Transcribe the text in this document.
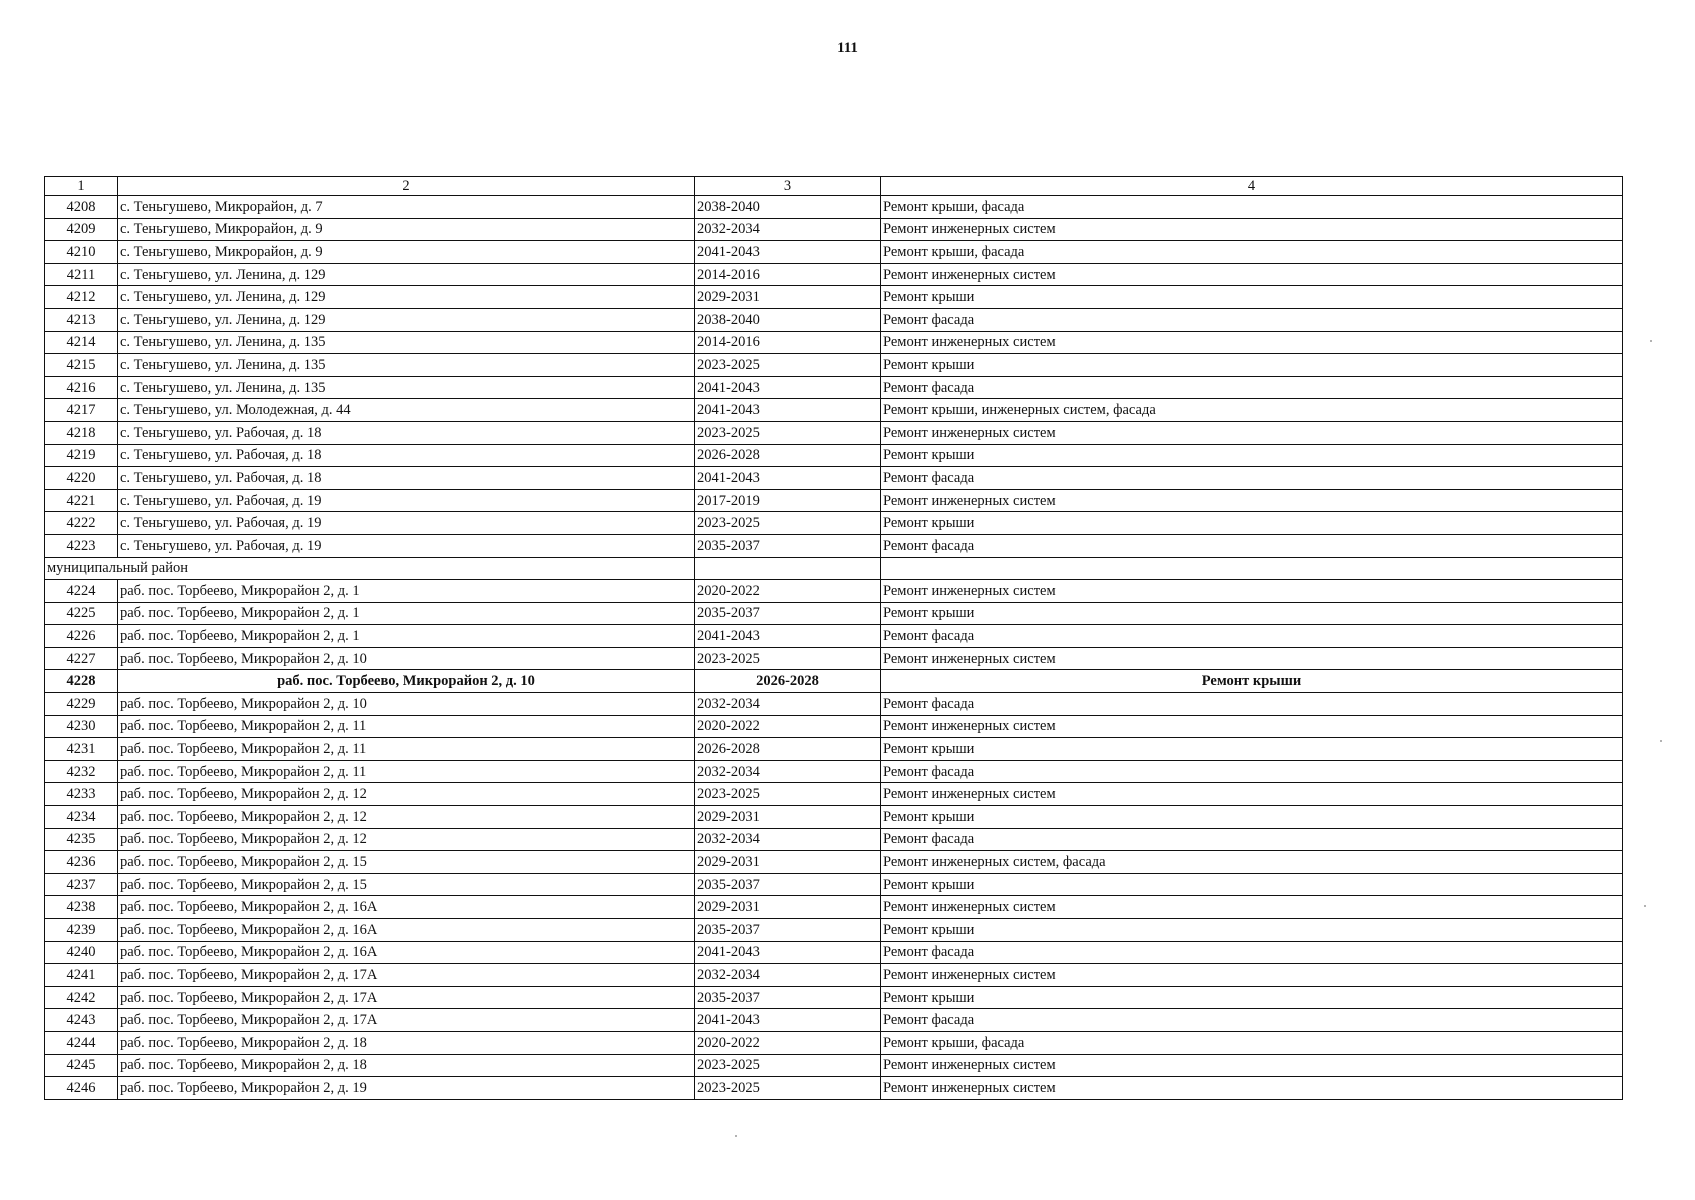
111
1	2	3	4
4208	с. Теньгушево, Микрорайон, д. 7	2038-2040	Ремонт крыши, фасада
4209	с. Теньгушево, Микрорайон, д. 9	2032-2034	Ремонт инженерных систем
4210	с. Теньгушево, Микрорайон, д. 9	2041-2043	Ремонт крыши, фасада
4211	с. Теньгушево, ул. Ленина, д. 129	2014-2016	Ремонт инженерных систем
4212	с. Теньгушево, ул. Ленина, д. 129	2029-2031	Ремонт крыши
4213	с. Теньгушево, ул. Ленина, д. 129	2038-2040	Ремонт фасада
4214	с. Теньгушево, ул. Ленина, д. 135	2014-2016	Ремонт инженерных систем
4215	с. Теньгушево, ул. Ленина, д. 135	2023-2025	Ремонт крыши
4216	с. Теньгушево, ул. Ленина, д. 135	2041-2043	Ремонт фасада
4217	с. Теньгушево, ул. Молодежная, д. 44	2041-2043	Ремонт крыши, инженерных систем, фасада
4218	с. Теньгушево, ул. Рабочая, д. 18	2023-2025	Ремонт инженерных систем
4219	с. Теньгушево, ул. Рабочая, д. 18	2026-2028	Ремонт крыши
4220	с. Теньгушево, ул. Рабочая, д. 18	2041-2043	Ремонт фасада
4221	с. Теньгушево, ул. Рабочая, д. 19	2017-2019	Ремонт инженерных систем
4222	с. Теньгушево, ул. Рабочая, д. 19	2023-2025	Ремонт крыши
4223	с. Теньгушево, ул. Рабочая, д. 19	2035-2037	Ремонт фасада
муниципальный район			
4224	раб. пос. Торбеево, Микрорайон 2, д. 1	2020-2022	Ремонт инженерных систем
4225	раб. пос. Торбеево, Микрорайон 2, д. 1	2035-2037	Ремонт крыши
4226	раб. пос. Торбеево, Микрорайон 2, д. 1	2041-2043	Ремонт фасада
4227	раб. пос. Торбеево, Микрорайон 2, д. 10	2023-2025	Ремонт инженерных систем
4228	раб. пос. Торбеево, Микрорайон 2, д. 10	2026-2028	Ремонт крыши
4229	раб. пос. Торбеево, Микрорайон 2, д. 10	2032-2034	Ремонт фасада
4230	раб. пос. Торбеево, Микрорайон 2, д. 11	2020-2022	Ремонт инженерных систем
4231	раб. пос. Торбеево, Микрорайон 2, д. 11	2026-2028	Ремонт крыши
4232	раб. пос. Торбеево, Микрорайон 2, д. 11	2032-2034	Ремонт фасада
4233	раб. пос. Торбеево, Микрорайон 2, д. 12	2023-2025	Ремонт инженерных систем
4234	раб. пос. Торбеево, Микрорайон 2, д. 12	2029-2031	Ремонт крыши
4235	раб. пос. Торбеево, Микрорайон 2, д. 12	2032-2034	Ремонт фасада
4236	раб. пос. Торбеево, Микрорайон 2, д. 15	2029-2031	Ремонт инженерных систем, фасада
4237	раб. пос. Торбеево, Микрорайон 2, д. 15	2035-2037	Ремонт крыши
4238	раб. пос. Торбеево, Микрорайон 2, д. 16А	2029-2031	Ремонт инженерных систем
4239	раб. пос. Торбеево, Микрорайон 2, д. 16А	2035-2037	Ремонт крыши
4240	раб. пос. Торбеево, Микрорайон 2, д. 16А	2041-2043	Ремонт фасада
4241	раб. пос. Торбеево, Микрорайон 2, д. 17А	2032-2034	Ремонт инженерных систем
4242	раб. пос. Торбеево, Микрорайон 2, д. 17А	2035-2037	Ремонт крыши
4243	раб. пос. Торбеево, Микрорайон 2, д. 17А	2041-2043	Ремонт фасада
4244	раб. пос. Торбеево, Микрорайон 2, д. 18	2020-2022	Ремонт крыши, фасада
4245	раб. пос. Торбеево, Микрорайон 2, д. 18	2023-2025	Ремонт инженерных систем
4246	раб. пос. Торбеево, Микрорайон 2, д. 19	2023-2025	Ремонт инженерных систем
